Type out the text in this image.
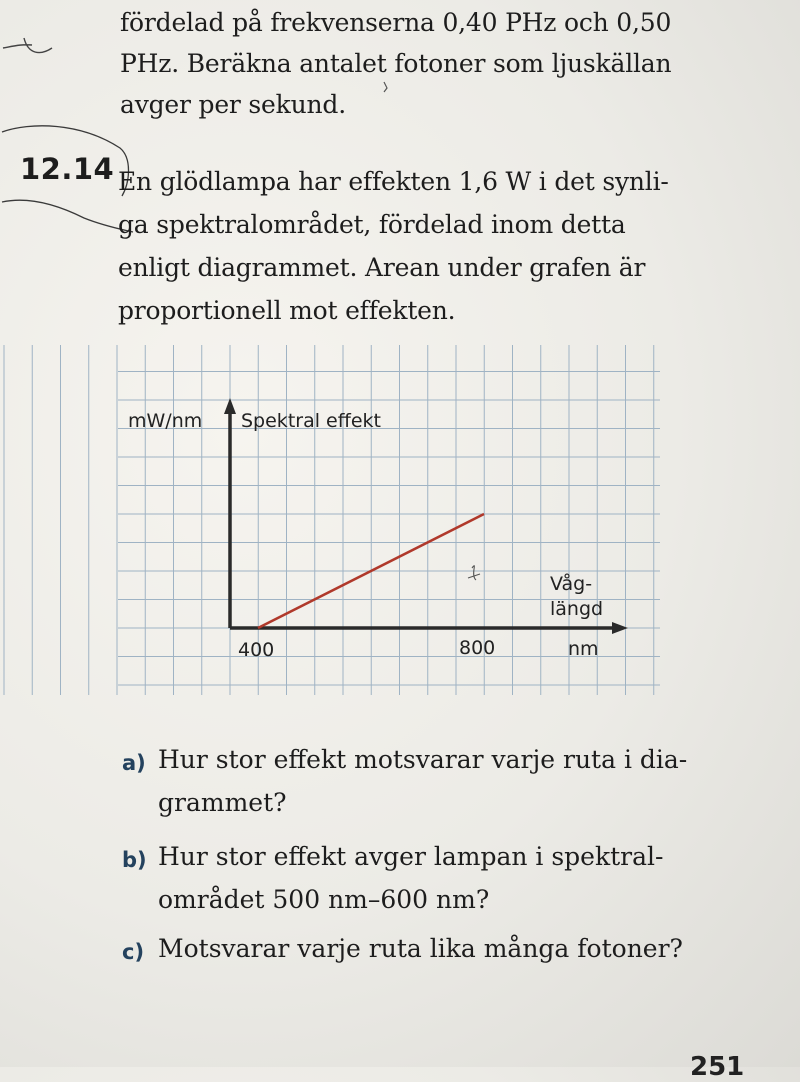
fördelad på frekvenserna 0,40 PHz och 0,50
PHz. Beräkna antalet fotoner som ljuskällan
avger per sekund.
12.14 En glödlampa har effekten 1,6 W i det synli-
ga spektralområdet, fördelad inom detta
enligt diagrammet. Arean under grafen är
proportionell mot effekten.
mW/nm Spektral effekt
Våg-
längd
nm
400	800
a) Hur stor effekt motsvarar varje ruta i dia-
grammet?
b) Hur stor effekt avger lampan i spektral-
området 500 nm–600 nm?
c) Motsvarar varje ruta lika många fotoner?
251
